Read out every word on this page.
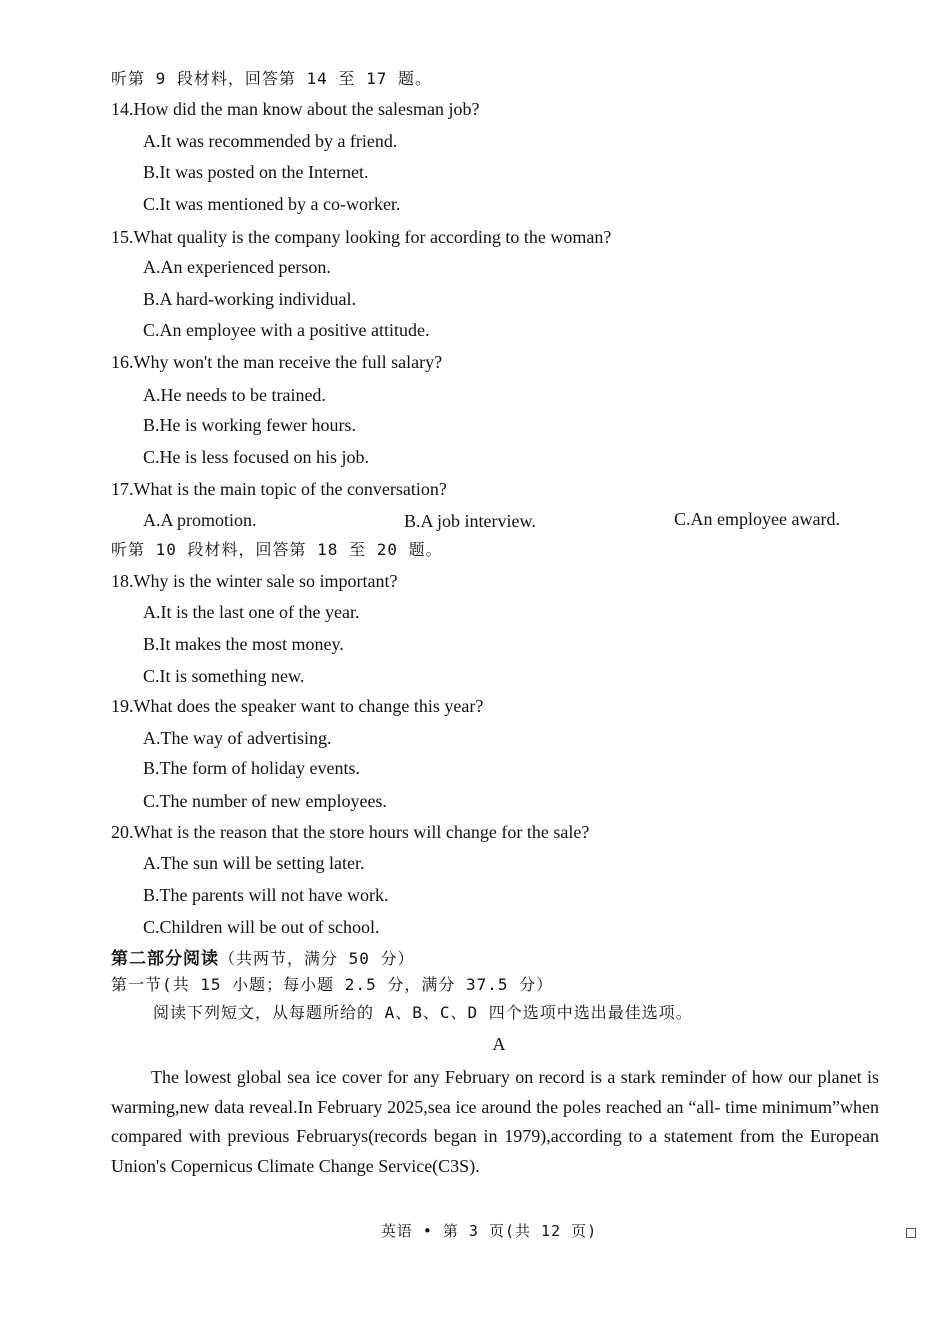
听第 9 段材料，回答第 14 至 17 题。
14.How did the man know about the salesman job?
A.It was recommended by a friend.
B.It was posted on the Internet.
C.It was mentioned by a co-worker.
15.What quality is the company looking for according to the woman?
A.An experienced person.
B.A hard-working individual.
C.An employee with a positive attitude.
16.Why won't the man receive the full salary?
A.He needs to be trained.
B.He is working fewer hours.
C.He is less focused on his job.
17.What is the main topic of the conversation?
A.A promotion.	B.A job interview.	C.An employee award.
听第 10 段材料，回答第 18 至 20 题。
18.Why is the winter sale so important?
A.It is the last one of the year.
B.It makes the most money.
C.It is something new.
19.What does the speaker want to change this year?
A.The way of advertising.
B.The form of holiday events.
C.The number of new employees.
20.What is the reason that the store hours will change for the sale?
A.The sun will be setting later.
B.The parents will not have work.
C.Children will be out of school.
第二部分阅读（共两节，满分 50 分）
第一节(共 15 小题；每小题 2.5 分，满分 37.5 分）
阅读下列短文，从每题所给的 A、B、C、D 四个选项中选出最佳选项。
A
The lowest global sea ice cover for any February on record is a stark reminder of how our planet is warming,new data reveal.In February 2025,sea ice around the poles reached an “all- time minimum”when compared with previous Februarys(records began in 1979),according to a statement from the European Union's Copernicus Climate Change Service(C3S).
英语 • 第 3 页(共 12 页)
